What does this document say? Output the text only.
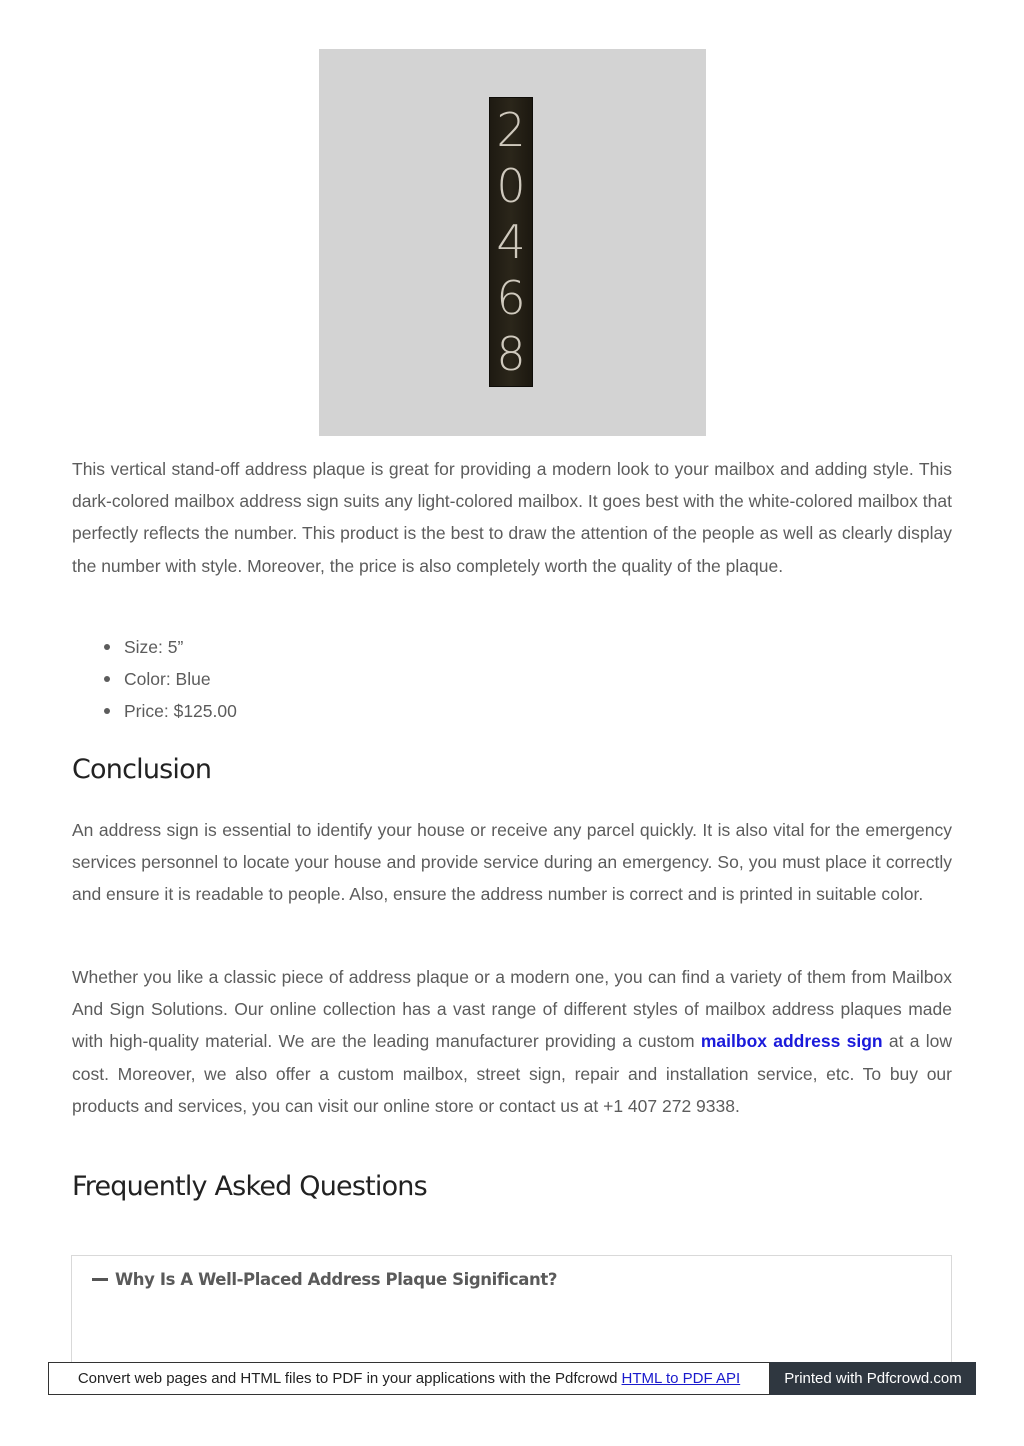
2
0
4
6
8

This vertical stand-off address plaque is great for providing a modern look to your mailbox and adding style. This dark-colored mailbox address sign suits any light-colored mailbox. It goes best with the white-colored mailbox that perfectly reflects the number. This product is the best to draw the attention of the people as well as clearly display the number with style. Moreover, the price is also completely worth the quality of the plaque.

Size: 5”
Color: Blue
Price: $125.00
Conclusion

An address sign is essential to identify your house or receive any parcel quickly. It is also vital for the emergency services personnel to locate your house and provide service during an emergency. So, you must place it correctly and ensure it is readable to people. Also, ensure the address number is correct and is printed in suitable color.

Whether you like a classic piece of address plaque or a modern one, you can find a variety of them from Mailbox And Sign Solutions. Our online collection has a vast range of different styles of mailbox address plaques made with high-quality material. We are the leading manufacturer providing a custom mailbox address sign at a low cost. Moreover, we also offer a custom mailbox, street sign, repair and installation service, etc. To buy our products and services, you can visit our online store or contact us at +1 407 272 9338.

Frequently Asked Questions
Why Is A Well-Placed Address Plaque Significant?
Convert web pages and HTML files to PDF in your applications with the Pdfcrowd HTML to PDF API	Printed with Pdfcrowd.com
